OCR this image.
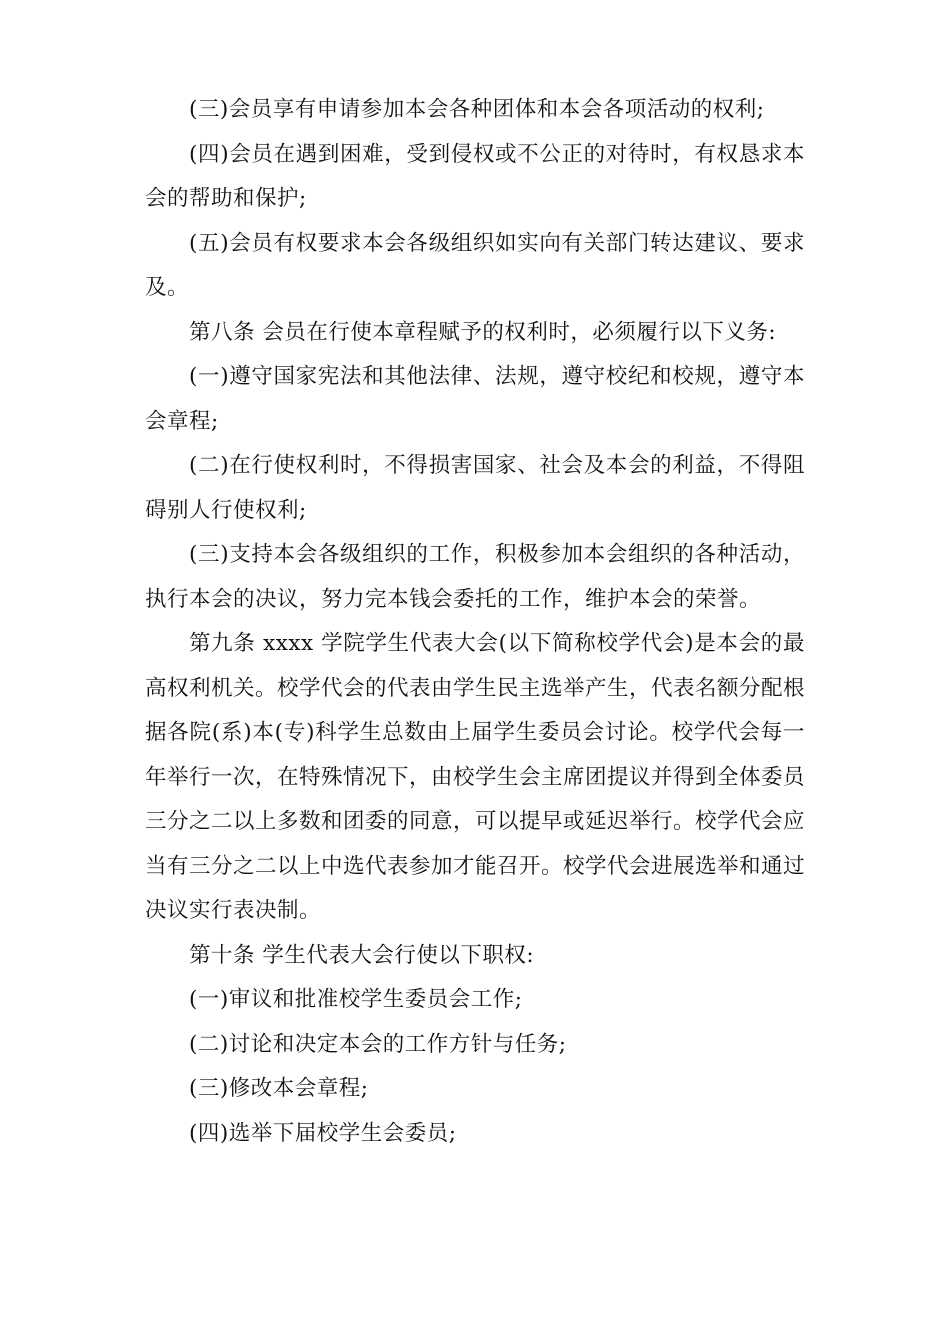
(三)会员享有申请参加本会各种团体和本会各项活动的权利;

(四)会员在遇到困难，受到侵权或不公正的对待时，有权恳求本会的帮助和保护;

(五)会员有权要求本会各级组织如实向有关部门转达建议、要求及。

第八条 会员在行使本章程赋予的权利时，必须履行以下义务:

(一)遵守国家宪法和其他法律、法规，遵守校纪和校规，遵守本会章程;

(二)在行使权利时，不得损害国家、社会及本会的利益，不得阻碍别人行使权利;

(三)支持本会各级组织的工作，积极参加本会组织的各种活动，执行本会的决议，努力完本钱会委托的工作，维护本会的荣誉。

第九条 xxxx 学院学生代表大会(以下简称校学代会)是本会的最高权利机关。校学代会的代表由学生民主选举产生，代表名额分配根据各院(系)本(专)科学生总数由上届学生委员会讨论。校学代会每一年举行一次，在特殊情况下，由校学生会主席团提议并得到全体委员三分之二以上多数和团委的同意，可以提早或延迟举行。校学代会应当有三分之二以上中选代表参加才能召开。校学代会进展选举和通过决议实行表决制。

第十条 学生代表大会行使以下职权:

(一)审议和批准校学生委员会工作;

(二)讨论和决定本会的工作方针与任务;

(三)修改本会章程;

(四)选举下届校学生会委员;
